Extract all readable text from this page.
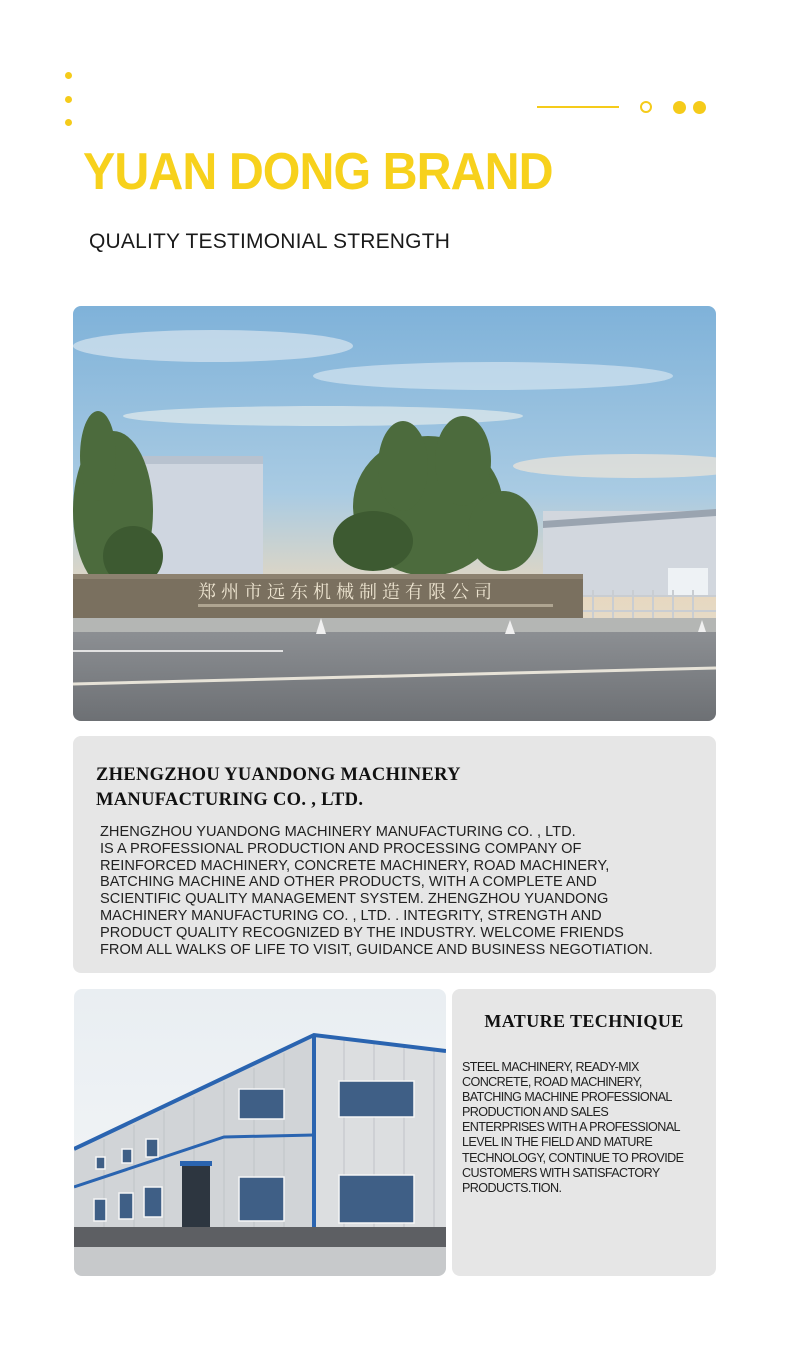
YUAN DONG BRAND
QUALITY TESTIMONIAL STRENGTH
郑州市远东机械制造有限公司
ZHENGZHOU YUANDONG MACHINERY
MANUFACTURING CO. , LTD.
ZHENGZHOU YUANDONG MACHINERY MANUFACTURING CO. , LTD.
IS A PROFESSIONAL PRODUCTION AND PROCESSING COMPANY OF
REINFORCED MACHINERY, CONCRETE MACHINERY, ROAD MACHINERY,
BATCHING MACHINE AND OTHER PRODUCTS, WITH A COMPLETE AND
SCIENTIFIC QUALITY MANAGEMENT SYSTEM. ZHENGZHOU YUANDONG
MACHINERY MANUFACTURING CO. , LTD. . INTEGRITY, STRENGTH AND
PRODUCT QUALITY RECOGNIZED BY THE INDUSTRY. WELCOME FRIENDS
FROM ALL WALKS OF LIFE TO VISIT, GUIDANCE AND BUSINESS NEGOTIATION.
MATURE TECHNIQUE
STEEL MACHINERY, READY-MIX
CONCRETE, ROAD MACHINERY,
BATCHING MACHINE PROFESSIONAL
PRODUCTION AND SALES
ENTERPRISES WITH A PROFESSIONAL
LEVEL IN THE FIELD AND MATURE
TECHNOLOGY, CONTINUE TO PROVIDE
CUSTOMERS WITH SATISFACTORY
PRODUCTS.TION.
